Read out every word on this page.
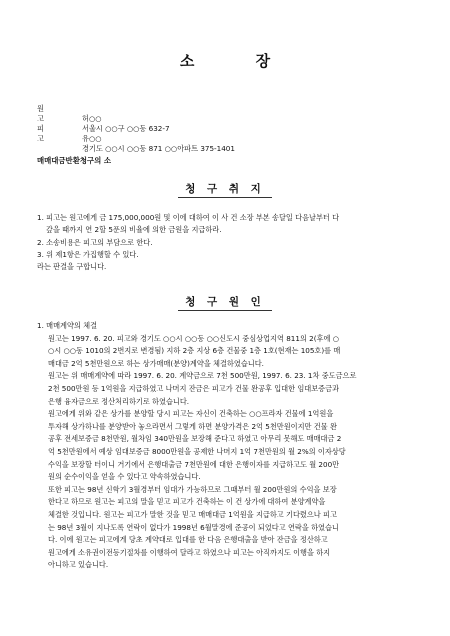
소 장
원 고	허○○
서울시 ○○구 ○○동 632-7
피 고	유○○
경기도 ○○시 ○○동 871 ○○아파트 375-1401
매매대금반환청구의 소
청 구 취 지

1. 피고는 원고에게 금 175,000,000원 및 이에 대하여 이 사 건 소장 부본 송달일 다음날부터 다

갚을 때까지 연 2할 5푼의 비율에 의한 금원을 지급하라.

2. 소송비용은 피고의 부담으로 한다.

3. 위 제1항은 가집행할 수 있다.

라는 판결을 구합니다.

청 구 원 인

1. 매매계약의 체결

원고는 1997. 6. 20. 피고와 경기도 ○○시 ○○동 ○○신도시 중심상업지역 811의 2(후에 ○

○시 ○○동 1010의 2번지로 변경됨) 지하 2층 지상 6층 건물중 1층 1호(현재는 105호)를 매

매대금 2억 5천만원으로 하는 상가매매(분양)계약을 체결하였습니다.

원고는 위 매매계약에 따라 1997. 6. 20. 계약금으로 7천 500만원, 1997. 6. 23. 1차 중도금으로

2천 500만원 등 1억원을 지급하였고 나머지 잔금은 피고가 건물 완공후 입대한 임대보증금과

은행 융자금으로 정산처리하기로 하였습니다.

원고에게 위와 같은 상가를 분양할 당시 피고는 자신이 건축하는 ○○프라자 건물에 1억원을

투자해 상가하나를 분양받아 놓으라면서 그렇게 하면 분양가격은 2억 5천만원이지만 건물 완

공후 전세보증금 8천만원, 월차임 340만원을 보장해 준다고 하였고 아무리 못해도 매매대금 2

억 5천만원에서 예상 임대보증금 8000만원을 공제한 나머지 1억 7천만원의 월 2%의 이자상당

수익을 보장할 터이니 거기에서 은행대출금 7천만원에 대한 은행이자를 지급하고도 월 200만

원의 순수이익을 얻을 수 있다고 약속하였습니다.

또한 피고는 98년 신학기 3월경부터 임대가 가능하므로 그때부터 월 200만원의 수익을 보장

한다고 하므로 원고는 피고의 말을 믿고 피고가 건축하는 이 건 상가에 대하여 분양계약을

체결한 것입니다. 원고는 피고가 말한 것을 믿고 매매대금 1억원을 지급하고 기다렸으나 피고

는 98년 3월이 지나도록 연락이 없다가 1998년 6월말경에 준공이 되었다고 연락을 하였습니

다. 이에 원고는 피고에게 당초 계약대로 입대를 한 다음 은행대출을 받아 잔금을 정산하고

원고에게 소유권이전등기절차를 이행하여 달라고 하였으나 피고는 아직까지도 이행을 하지

아니하고 있습니다.
